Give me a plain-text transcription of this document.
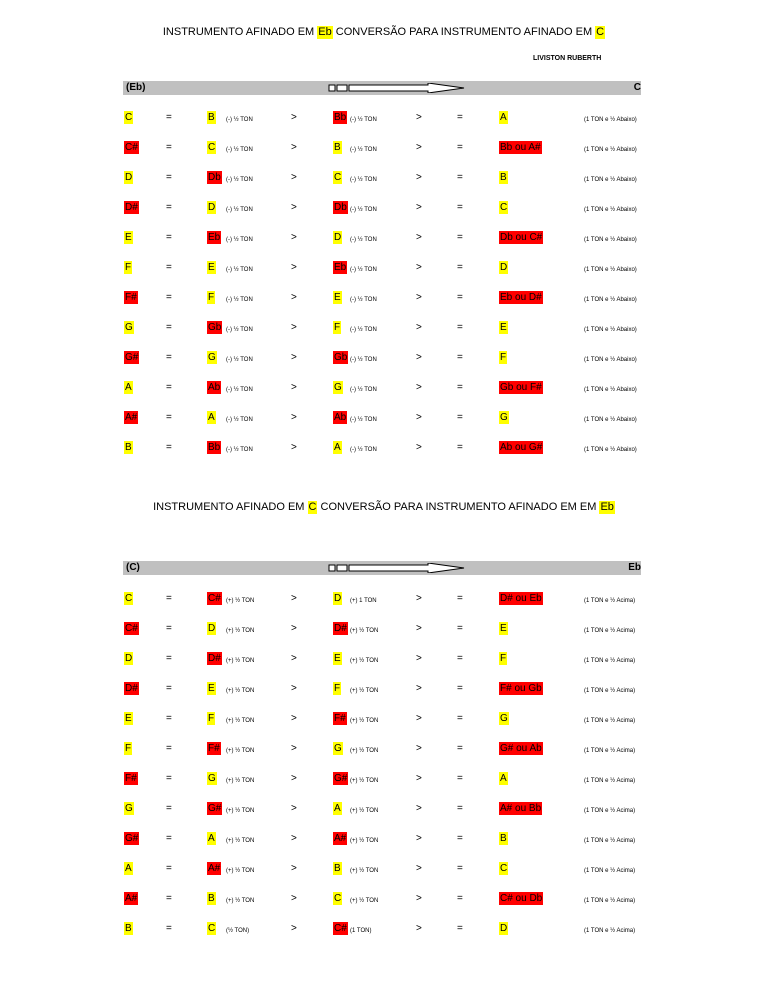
INSTRUMENTO AFINADO EM Eb CONVERSÃO PARA INSTRUMENTO AFINADO EM C
LIVISTON RUBERTH
(Eb)	C
C	=	B (-) ½ TON	>	Bb (-) ½ TON	>	=	A	(1 TON e ½ Abaixo)
C#	=	C (-) ½ TON	>	B (-) ½ TON	>	=	Bb ou A#	(1 TON e ½ Abaixo)
D	=	Db (-) ½ TON	>	C (-) ½ TON	>	=	B	(1 TON e ½ Abaixo)
D#	=	D (-) ½ TON	>	Db (-) ½ TON	>	=	C	(1 TON e ½ Abaixo)
E	=	Eb (-) ½ TON	>	D (-) ½ TON	>	=	Db ou C#	(1 TON e ½ Abaixo)
F	=	E (-) ½ TON	>	Eb (-) ½ TON	>	=	D	(1 TON e ½ Abaixo)
F#	=	F (-) ½ TON	>	E (-) ½ TON	>	=	Eb ou D#	(1 TON e ½ Abaixo)
G	=	Gb (-) ½ TON	>	F (-) ½ TON	>	=	E	(1 TON e ½ Abaixo)
G#	=	G (-) ½ TON	>	Gb (-) ½ TON	>	=	F	(1 TON e ½ Abaixo)
A	=	Ab (-) ½ TON	>	G (-) ½ TON	>	=	Gb ou F#	(1 TON e ½ Abaixo)
A#	=	A (-) ½ TON	>	Ab (-) ½ TON	>	=	G	(1 TON e ½ Abaixo)
B	=	Bb (-) ½ TON	>	A (-) ½ TON	>	=	Ab ou G#	(1 TON e ½ Abaixo)
INSTRUMENTO AFINADO EM C CONVERSÃO PARA INSTRUMENTO AFINADO EM EM Eb
(C)	Eb
C	=	C# (+) ½ TON	>	D (+) 1 TON	>	=	D# ou Eb	(1 TON e ½ Acima)
C#	=	D (+) ½ TON	>	D# (+) ½ TON	>	=	E	(1 TON e ½ Acima)
D	=	D# (+) ½ TON	>	E (+) ½ TON	>	=	F	(1 TON e ½ Acima)
D#	=	E (+) ½ TON	>	F (+) ½ TON	>	=	F# ou Gb	(1 TON e ½ Acima)
E	=	F (+) ½ TON	>	F# (+) ½ TON	>	=	G	(1 TON e ½ Acima)
F	=	F# (+) ½ TON	>	G (+) ½ TON	>	=	G# ou Ab	(1 TON e ½ Acima)
F#	=	G (+) ½ TON	>	G# (+) ½ TON	>	=	A	(1 TON e ½ Acima)
G	=	G# (+) ½ TON	>	A (+) ½ TON	>	=	A# ou Bb	(1 TON e ½ Acima)
G#	=	A (+) ½ TON	>	A# (+) ½ TON	>	=	B	(1 TON e ½ Acima)
A	=	A# (+) ½ TON	>	B (+) ½ TON	>	=	C	(1 TON e ½ Acima)
A#	=	B (+) ½ TON	>	C (+) ½ TON	>	=	C# ou Db	(1 TON e ½ Acima)
B	=	C (½ TON)	>	C# (1 TON)	>	=	D	(1 TON e ½ Acima)
